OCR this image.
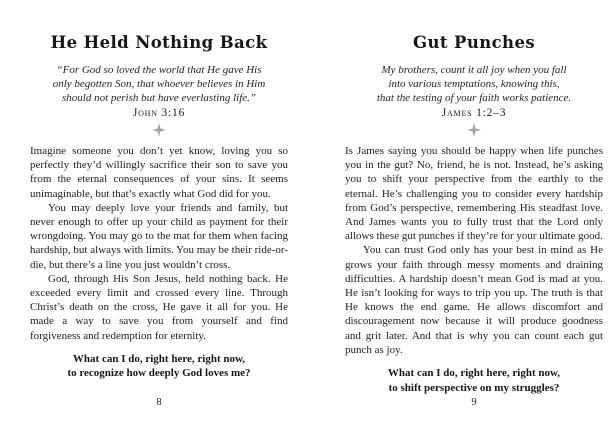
He Held Nothing Back
“For God so loved the world that He gave His
only begotten Son, that whoever believes in Him
should not perish but have everlasting life.”
John 3:16

Imagine someone you don’t yet know, loving you so perfectly they’d willingly sacrifice their son to save you from the eternal consequences of your sins. It seems unimaginable, but that’s exactly what God did for you.

You may deeply love your friends and family, but never enough to offer up your child as payment for their wrongdoing. You may go to the mat for them when facing hardship, but always with limits. You may be their ride-or-die, but there’s a line you just wouldn’t cross.

God, through His Son Jesus, held nothing back. He exceeded every limit and crossed every line. Through Christ’s death on the cross, He gave it all for you. He made a way to save you from yourself and find forgiveness and redemption for eternity.

What can I do, right here, right now,
to recognize how deeply God loves me?
8
Gut Punches
My brothers, count it all joy when you fall
into various temptations, knowing this,
that the testing of your faith works patience.
James 1:2–3

Is James saying you should be happy when life punches you in the gut? No, friend, he is not. Instead, he’s asking you to shift your perspective from the earthly to the eternal. He’s challenging you to consider every hardship from God’s perspective, remembering His steadfast love. And James wants you to fully trust that the Lord only allows these gut punches if they’re for your ultimate good.

You can trust God only has your best in mind as He grows your faith through messy moments and draining difficulties. A hardship doesn’t mean God is mad at you. He isn’t looking for ways to trip you up. The truth is that He knows the end game. He allows discomfort and discouragement now because it will produce goodness and grit later. And that is why you can count each gut punch as joy.

What can I do, right here, right now,
to shift perspective on my struggles?
9
